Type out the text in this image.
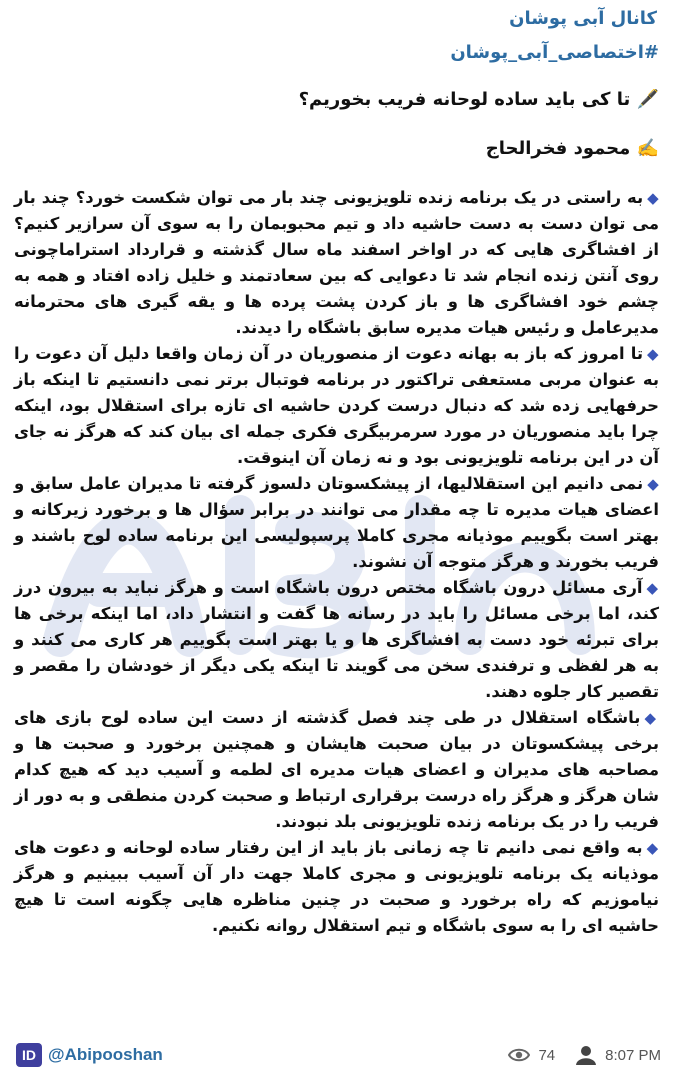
کانال آبی پوشان
#اختصاصی_آبی_پوشان
🖋️ تا کی باید ساده لوحانه فریب بخوریم؟
✍️ محمود فخرالحاج

◆به راستی در یک برنامه زنده تلویزیونی چند بار می توان شکست خورد؟ چند بار می توان دست به دست حاشیه داد و تیم محبوبمان را به سوی آن سرازیر کنیم؟ از افشاگری هایی که در اواخر اسفند ماه سال گذشته و قرارداد استراماچونی روی آنتن زنده انجام شد تا دعوایی که بین سعادتمند و خلیل زاده افتاد و همه به چشم خود افشاگری ها و باز کردن پشت پرده ها و یقه گیری های محترمانه مدیرعامل و رئیس هیات مدیره سابق باشگاه را دیدند.

◆تا امروز که باز به بهانه دعوت از منصوریان در آن زمان واقعا دلیل آن دعوت را به عنوان مربی مستعفی تراکتور در برنامه فوتبال برتر نمی دانستیم تا اینکه باز حرفهایی زده شد که دنبال درست کردن حاشیه ای تازه برای استقلال بود، اینکه چرا باید منصوریان در مورد سرمربیگری فکری جمله ای بیان کند که هرگز نه جای آن در این برنامه تلویزیونی بود و نه زمان آن اینوقت.

◆نمی دانیم این استقلالیها، از پیشکسوتان دلسوز گرفته تا مدیران عامل سابق و اعضای هیات مدیره تا چه مقدار می توانند در برابر سؤال ها و برخورد زیرکانه و بهتر است بگوییم موذیانه مجری کاملا پرسپولیسی این برنامه ساده لوح باشند و فریب بخورند و هرگز متوجه آن نشوند.

◆آری مسائل درون باشگاه مختص درون باشگاه است و هرگز نباید به بیرون درز کند، اما برخی مسائل را باید در رسانه ها گفت و انتشار داد، اما اینکه برخی ها برای تبرئه خود دست به افشاگری ها و یا بهتر است بگوییم هر کاری می کنند و به هر لفظی و ترفندی سخن می گویند تا اینکه یکی دیگر از خودشان را مقصر و تقصیر کار جلوه دهند.

◆باشگاه استقلال در طی چند فصل گذشته از دست این ساده لوح بازی های برخی پیشکسوتان در بیان صحبت هایشان و همچنین برخورد و صحبت ها و مصاحبه های مدیران و اعضای هیات مدیره ای لطمه و آسیب دید که هیچ کدام شان هرگز و هرگز راه درست برقراری ارتباط و صحبت کردن منطقی و به دور از فریب را در یک برنامه زنده تلویزیونی بلد نبودند.

◆به واقع نمی دانیم تا چه زمانی باز باید از این رفتار ساده لوحانه و دعوت های موذیانه یک برنامه تلویزیونی و مجری کاملا جهت دار آن آسیب ببینیم و هرگز نیاموزیم که راه برخورد و صحبت در چنین مناظره هایی چگونه است تا هیچ حاشیه ای را به سوی باشگاه و تیم استقلال روانه نکنیم.

ID @Abipooshan	74	8:07 PM
